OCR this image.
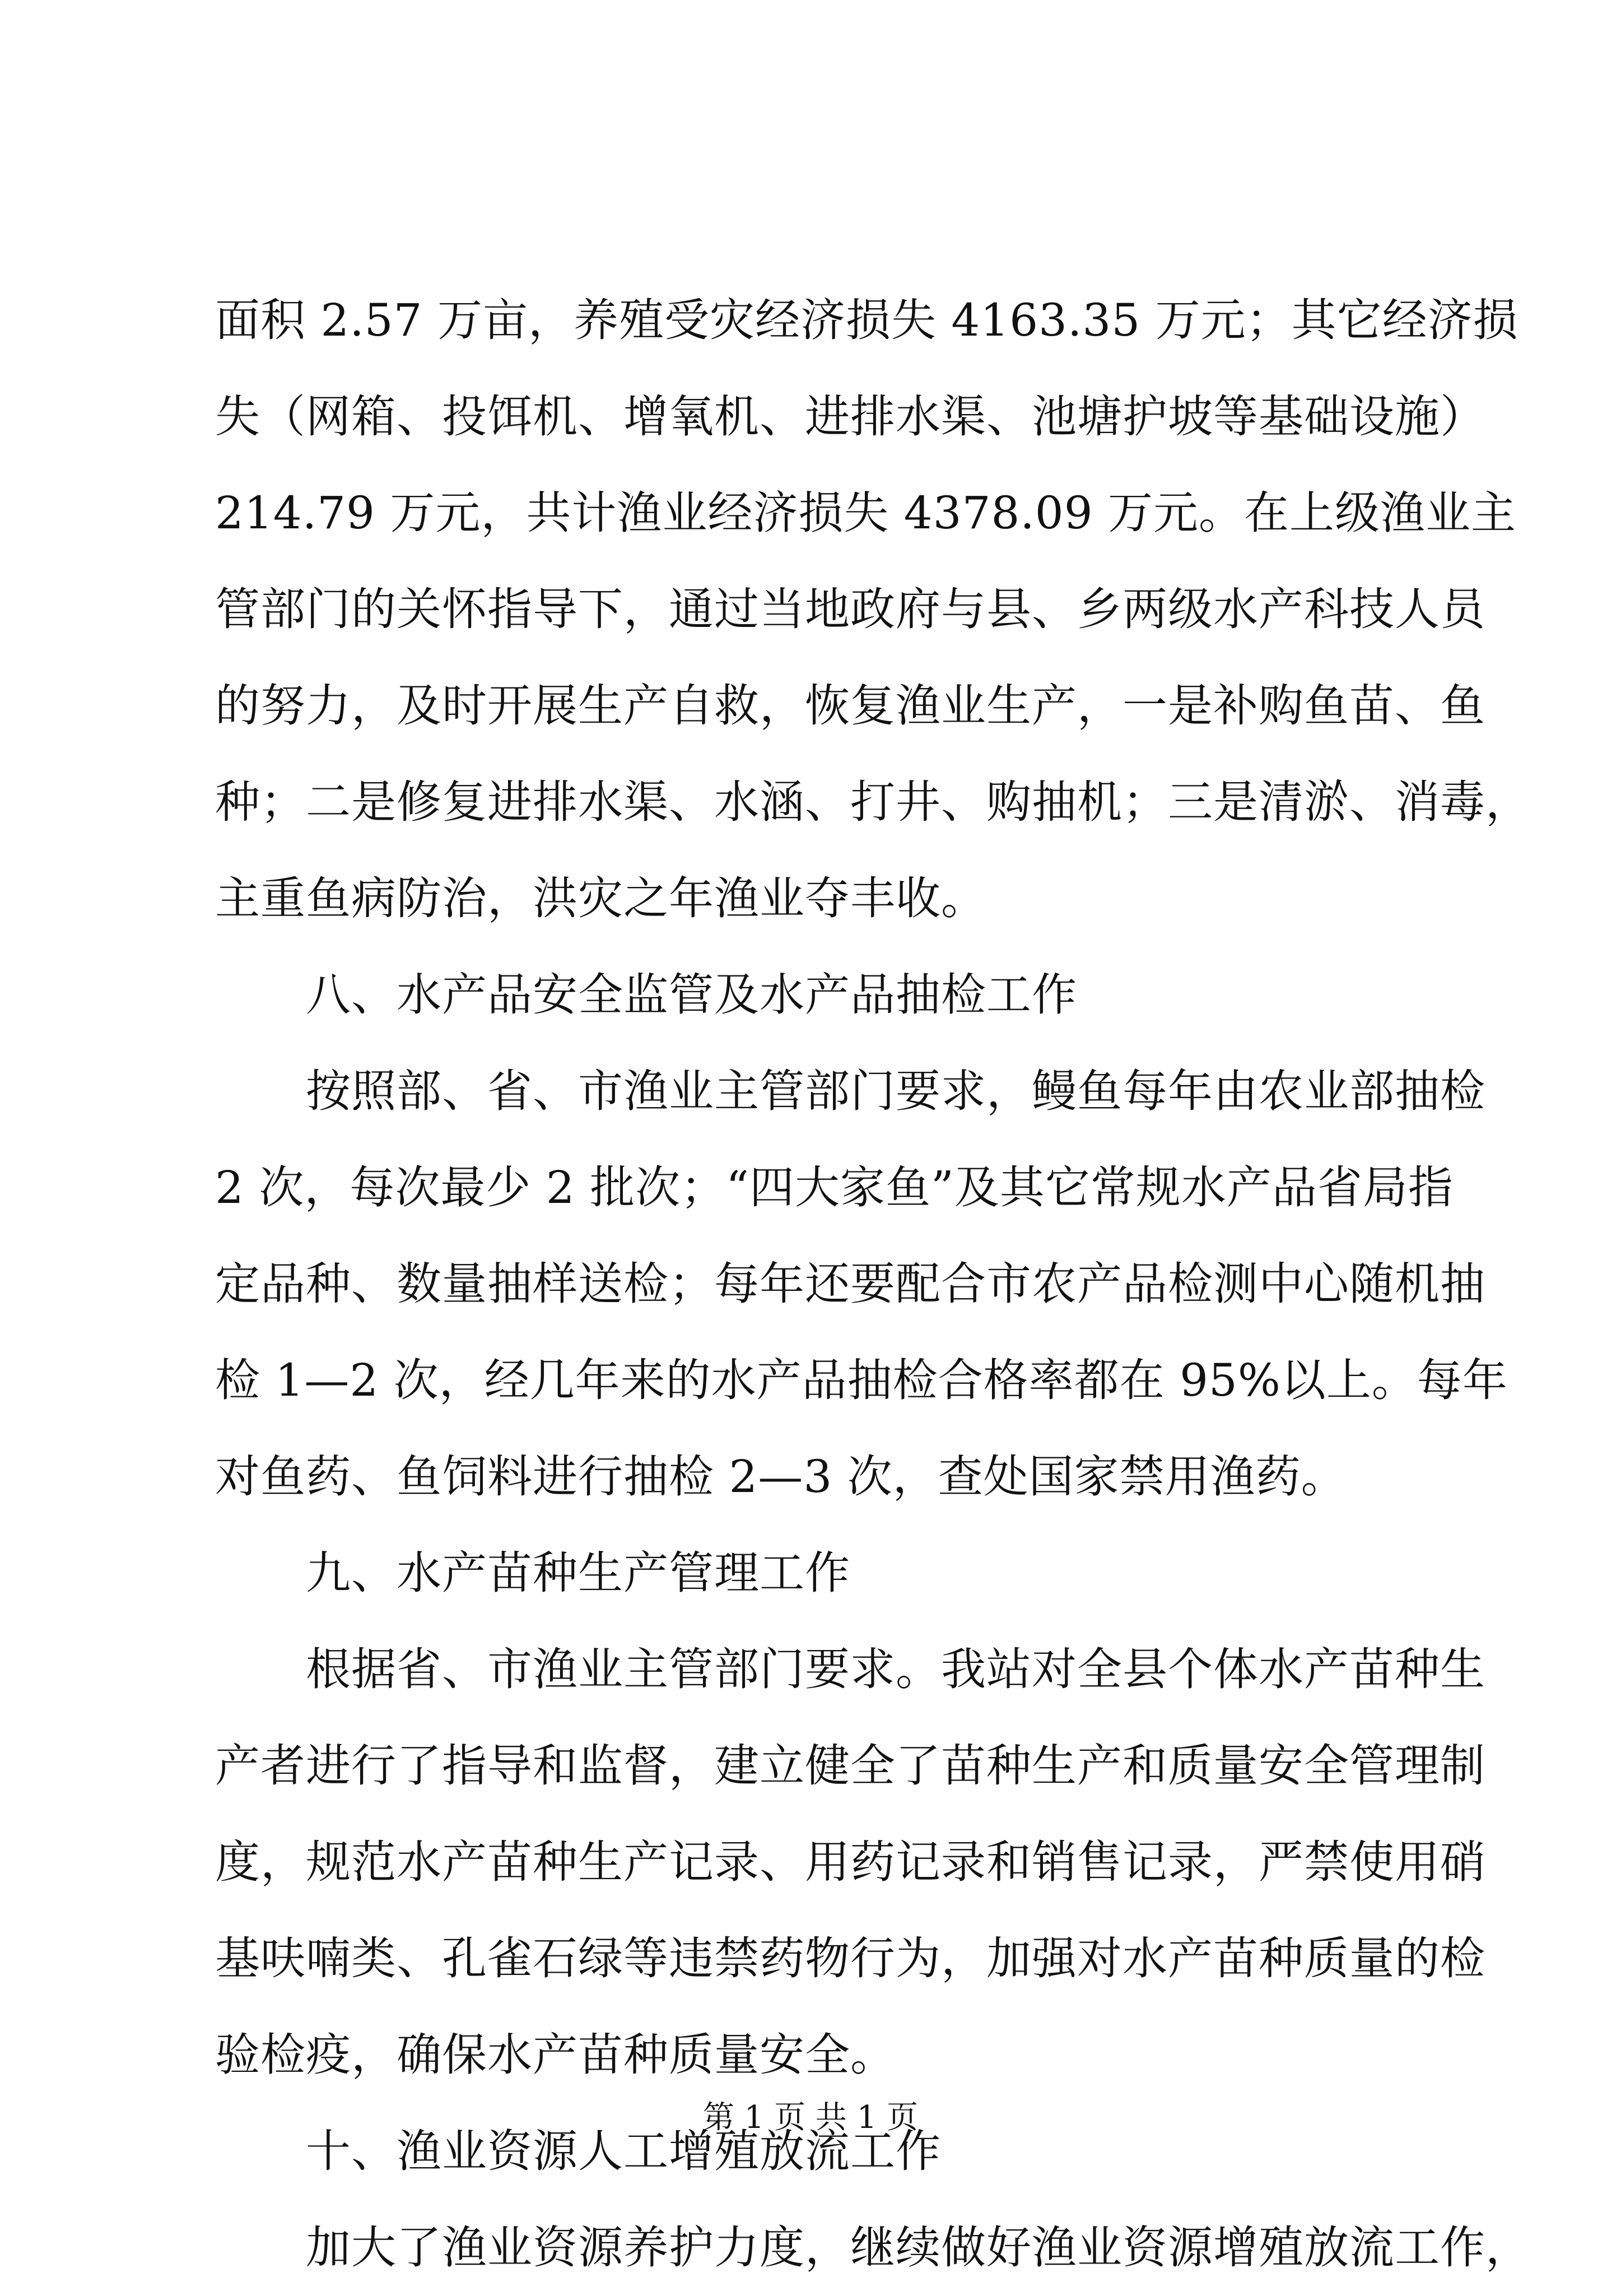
面积 2.57 万亩，养殖受灾经济损失 4163.35 万元；其它经济损
失（网箱、投饵机、增氧机、进排水渠、池塘护坡等基础设施）
214.79 万元，共计渔业经济损失 4378.09 万元。在上级渔业主
管部门的关怀指导下，通过当地政府与县、乡两级水产科技人员
的努力，及时开展生产自救，恢复渔业生产，一是补购鱼苗、鱼
种；二是修复进排水渠、水涵、打井、购抽机；三是清淤、消毒，
主重鱼病防治，洪灾之年渔业夺丰收。
八、水产品安全监管及水产品抽检工作
按照部、省、市渔业主管部门要求，鳗鱼每年由农业部抽检
2 次，每次最少 2 批次；“四大家鱼”及其它常规水产品省局指
定品种、数量抽样送检；每年还要配合市农产品检测中心随机抽
检 1—2 次，经几年来的水产品抽检合格率都在 95%以上。每年
对鱼药、鱼饲料进行抽检 2—3 次，查处国家禁用渔药。
九、水产苗种生产管理工作
根据省、市渔业主管部门要求。我站对全县个体水产苗种生
产者进行了指导和监督，建立健全了苗种生产和质量安全管理制
度，规范水产苗种生产记录、用药记录和销售记录，严禁使用硝
基呋喃类、孔雀石绿等违禁药物行为，加强对水产苗种质量的检
验检疫，确保水产苗种质量安全。
十、渔业资源人工增殖放流工作
加大了渔业资源养护力度，继续做好渔业资源增殖放流工作，
第 1 页 共 1 页
